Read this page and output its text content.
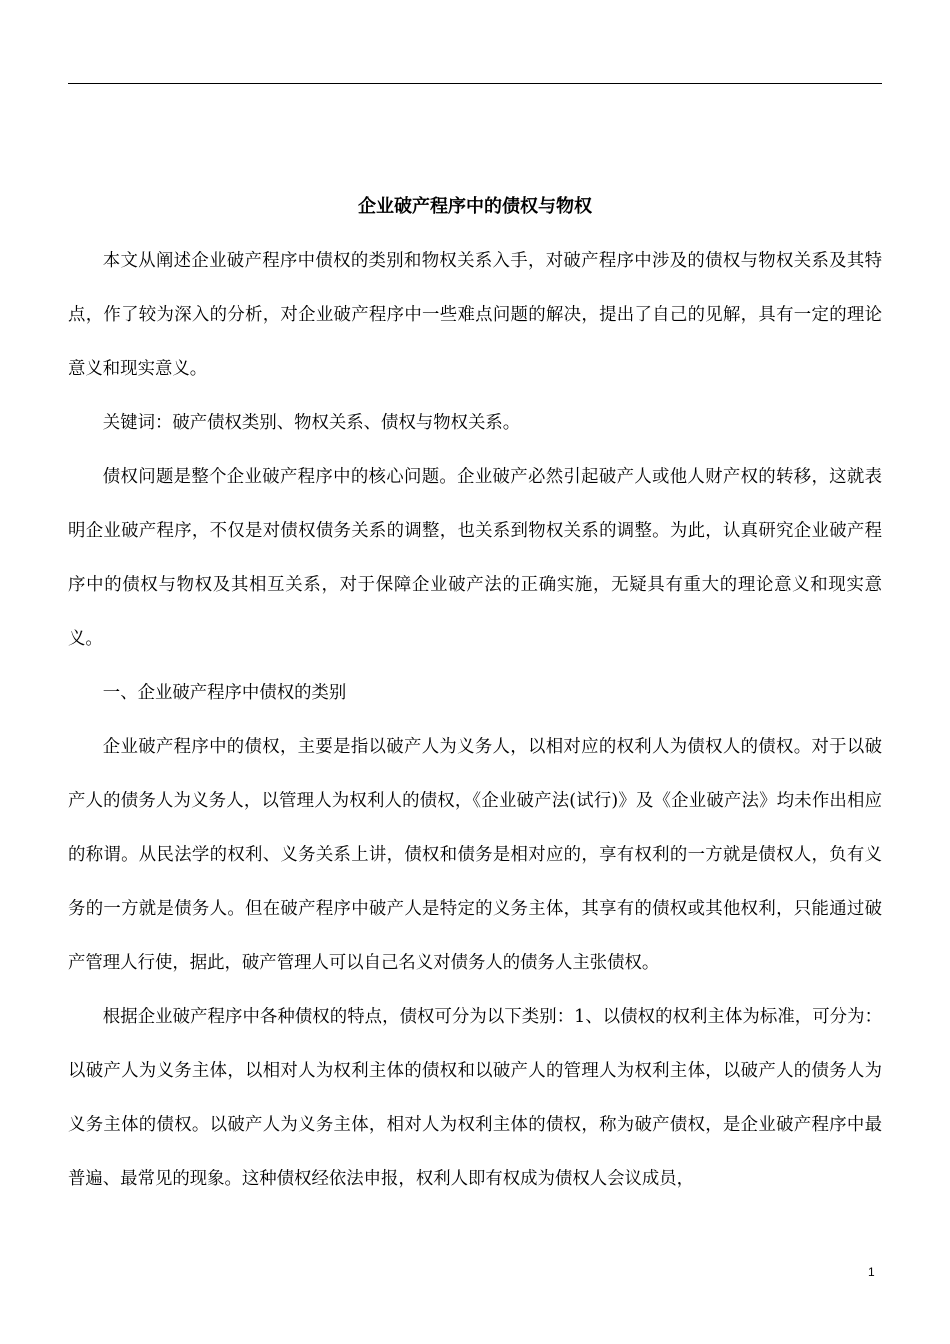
企业破产程序中的债权与物权

本文从阐述企业破产程序中债权的类别和物权关系入手，对破产程序中涉及的债权与物权关系及其特点，作了较为深入的分析，对企业破产程序中一些难点问题的解决，提出了自己的见解，具有一定的理论意义和现实意义。

关键词：破产债权类别、物权关系、债权与物权关系。

债权问题是整个企业破产程序中的核心问题。企业破产必然引起破产人或他人财产权的转移，这就表明企业破产程序，不仅是对债权债务关系的调整，也关系到物权关系的调整。为此，认真研究企业破产程序中的债权与物权及其相互关系，对于保障企业破产法的正确实施，无疑具有重大的理论意义和现实意义。

一、企业破产程序中债权的类别

企业破产程序中的债权，主要是指以破产人为义务人，以相对应的权利人为债权人的债权。对于以破产人的债务人为义务人，以管理人为权利人的债权，《企业破产法(试行)》及《企业破产法》均未作出相应的称谓。从民法学的权利、义务关系上讲，债权和债务是相对应的，享有权利的一方就是债权人，负有义务的一方就是债务人。但在破产程序中破产人是特定的义务主体，其享有的债权或其他权利，只能通过破产管理人行使，据此，破产管理人可以自己名义对债务人的债务人主张债权。

根据企业破产程序中各种债权的特点，债权可分为以下类别：1、以债权的权利主体为标准，可分为：以破产人为义务主体，以相对人为权利主体的债权和以破产人的管理人为权利主体，以破产人的债务人为义务主体的债权。以破产人为义务主体，相对人为权利主体的债权，称为破产债权，是企业破产程序中最普遍、最常见的现象。这种债权经依法申报，权利人即有权成为债权人会议成员，

1
